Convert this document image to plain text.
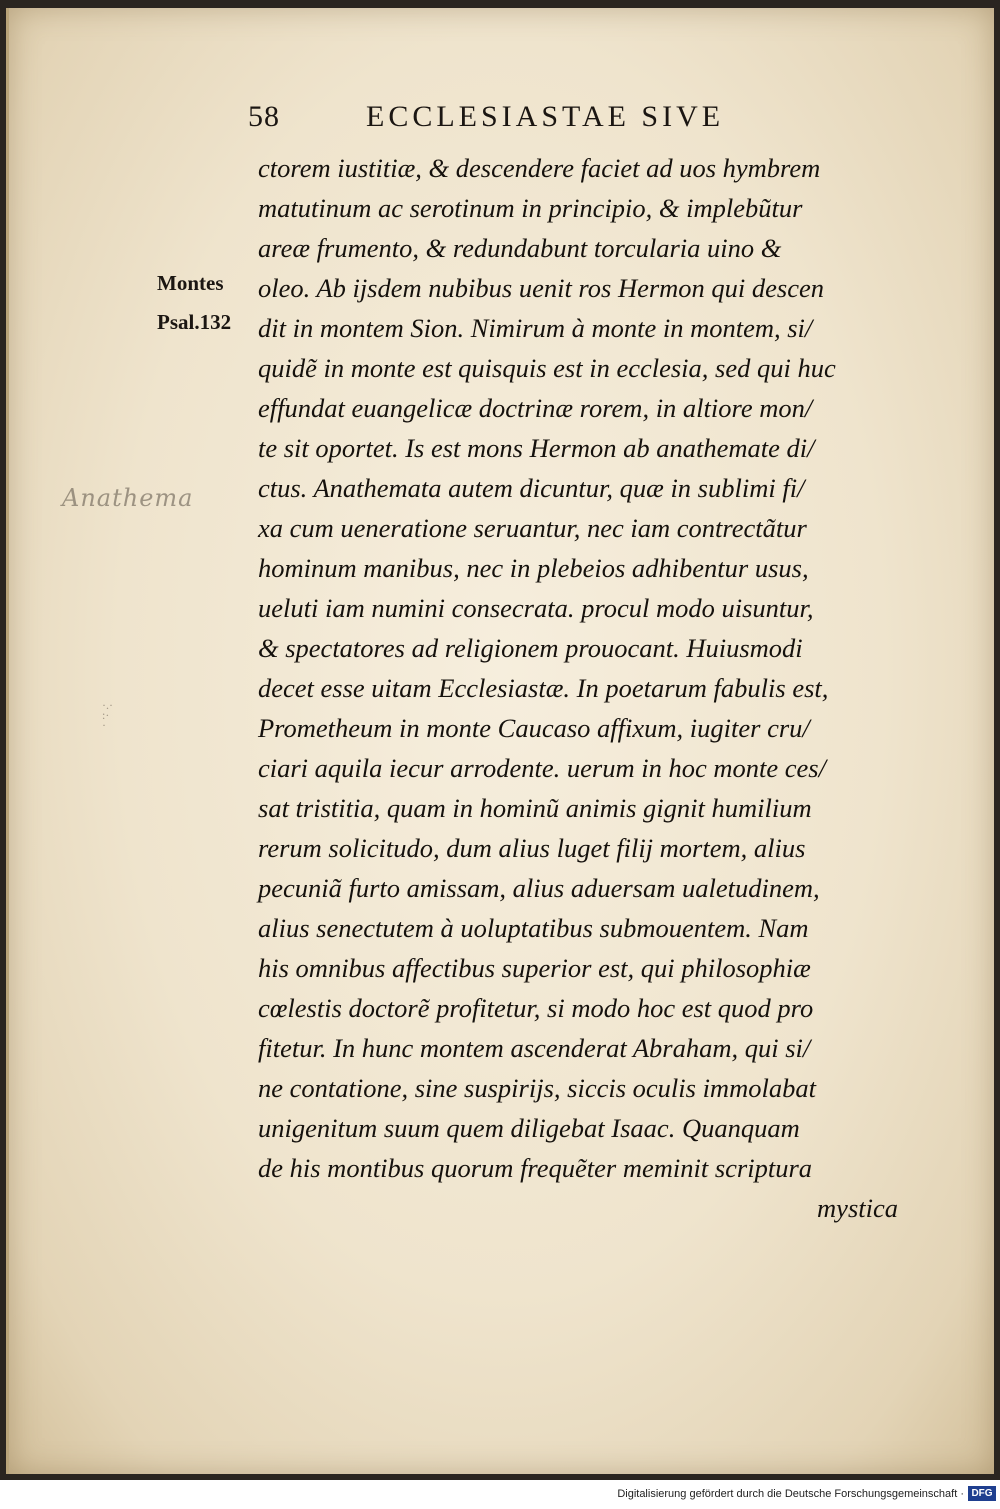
58	ECCLESIASTAE SIVE
Montes
Psal.132
Anathema
·.·
:·
·
ctorem iustitiæ, & descendere faciet ad uos hymbrem
matutinum ac serotinum in principio, & implebũtur
areæ frumento, & redundabunt torcularia uino &
oleo. Ab ijsdem nubibus uenit ros Hermon qui descen
dit in montem Sion. Nimirum à monte in montem, si/
quidẽ in monte est quisquis est in ecclesia, sed qui huc
effundat euangelicæ doctrinæ rorem, in altiore mon/
te sit oportet. Is est mons Hermon ab anathemate di/
ctus. Anathemata autem dicuntur, quæ in sublimi fi/
xa cum ueneratione seruantur, nec iam contrectãtur
hominum manibus, nec in plebeios adhibentur usus,
ueluti iam numini consecrata. procul modo uisuntur,
& spectatores ad religionem prouocant. Huiusmodi
decet esse uitam Ecclesiastæ. In poetarum fabulis est,
Prometheum in monte Caucaso affixum, iugiter cru/
ciari aquila iecur arrodente. uerum in hoc monte ces/
sat tristitia, quam in hominũ animis gignit humilium
rerum solicitudo, dum alius luget filij mortem, alius
pecuniã furto amissam, alius aduersam ualetudinem,
alius senectutem à uoluptatibus submouentem. Nam
his omnibus affectibus superior est, qui philosophiæ
cœlestis doctorẽ profitetur, si modo hoc est quod pro
fitetur. In hunc montem ascenderat Abraham, qui si/
ne contatione, sine suspirijs, siccis oculis immolabat
unigenitum suum quem diligebat Isaac. Quanquam
de his montibus quorum frequẽter meminit scriptura
mystica
Digitalisierung gefördert durch die Deutsche Forschungsgemeinschaft · DFG
